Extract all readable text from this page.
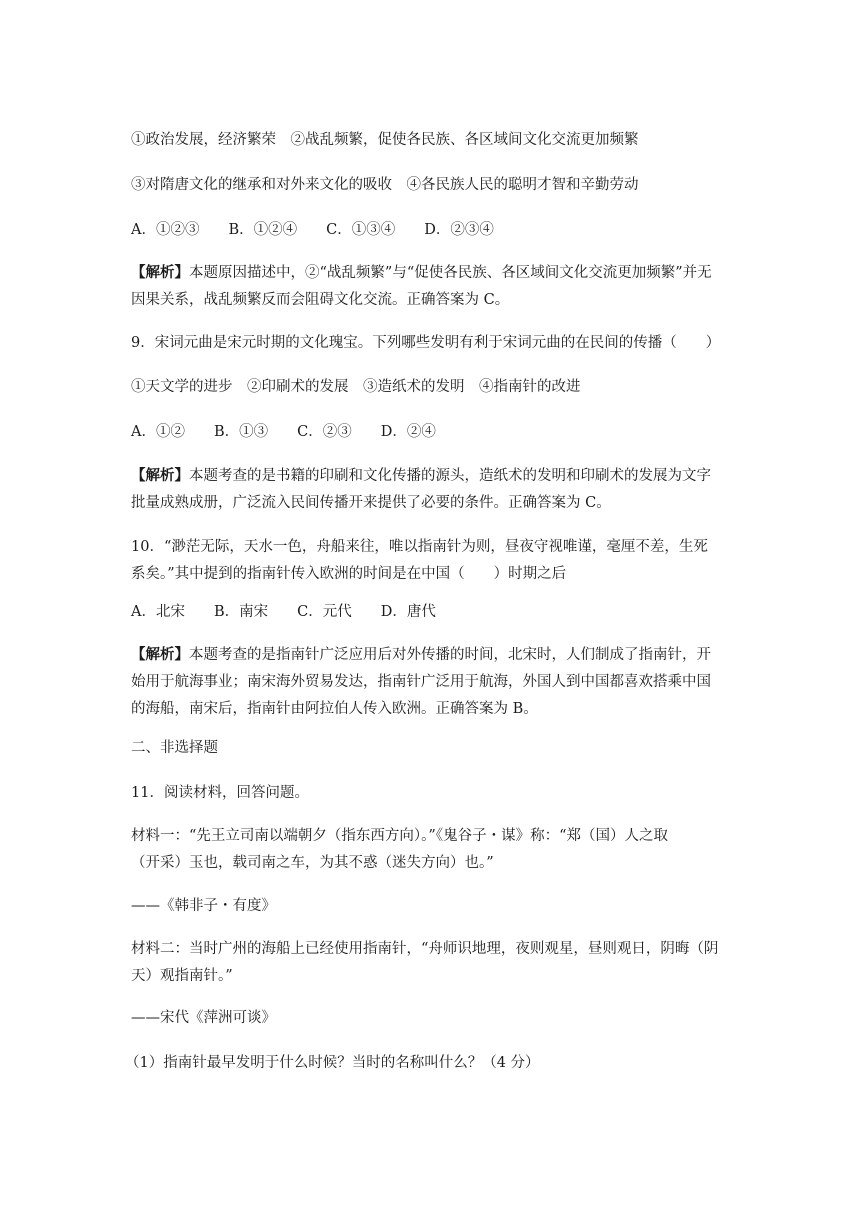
①政治发展，经济繁荣　②战乱频繁，促使各民族、各区域间文化交流更加频繁
③对隋唐文化的继承和对外来文化的吸收　④各民族人民的聪明才智和辛勤劳动
A．①②③　　B．①②④　　C．①③④　　D．②③④
【解析】本题原因描述中，②“战乱频繁”与“促使各民族、各区域间文化交流更加频繁”并无
因果关系，战乱频繁反而会阻碍文化交流。正确答案为 C。
9．宋词元曲是宋元时期的文化瑰宝。下列哪些发明有利于宋词元曲的在民间的传播（　　）
①天文学的进步　②印刷术的发展　③造纸术的发明　④指南针的改进
A．①②　　B．①③　　C．②③　　D．②④
【解析】本题考查的是书籍的印刷和文化传播的源头，造纸术的发明和印刷术的发展为文字
批量成熟成册，广泛流入民间传播开来提供了必要的条件。正确答案为 C。
10．“渺茫无际，天水一色，舟船来往，唯以指南针为则，昼夜守视唯谨，毫厘不差，生死
系矣。”其中提到的指南针传入欧洲的时间是在中国（　　）时期之后
A．北宋　　B．南宋　　C．元代　　D．唐代
【解析】本题考查的是指南针广泛应用后对外传播的时间，北宋时，人们制成了指南针，开
始用于航海事业；南宋海外贸易发达，指南针广泛用于航海，外国人到中国都喜欢搭乘中国
的海船，南宋后，指南针由阿拉伯人传入欧洲。正确答案为 B。
二、非选择题
11．阅读材料，回答问题。
材料一：“先王立司南以端朝夕（指东西方向）。”《鬼谷子・谋》称：“郑（国）人之取
（开采）玉也，载司南之车，为其不惑（迷失方向）也。”
——《韩非子・有度》
材料二：当时广州的海船上已经使用指南针，“舟师识地理，夜则观星，昼则观日，阴晦（阴
天）观指南针。”
——宋代《萍洲可谈》
（1）指南针最早发明于什么时候？当时的名称叫什么？（4 分）
